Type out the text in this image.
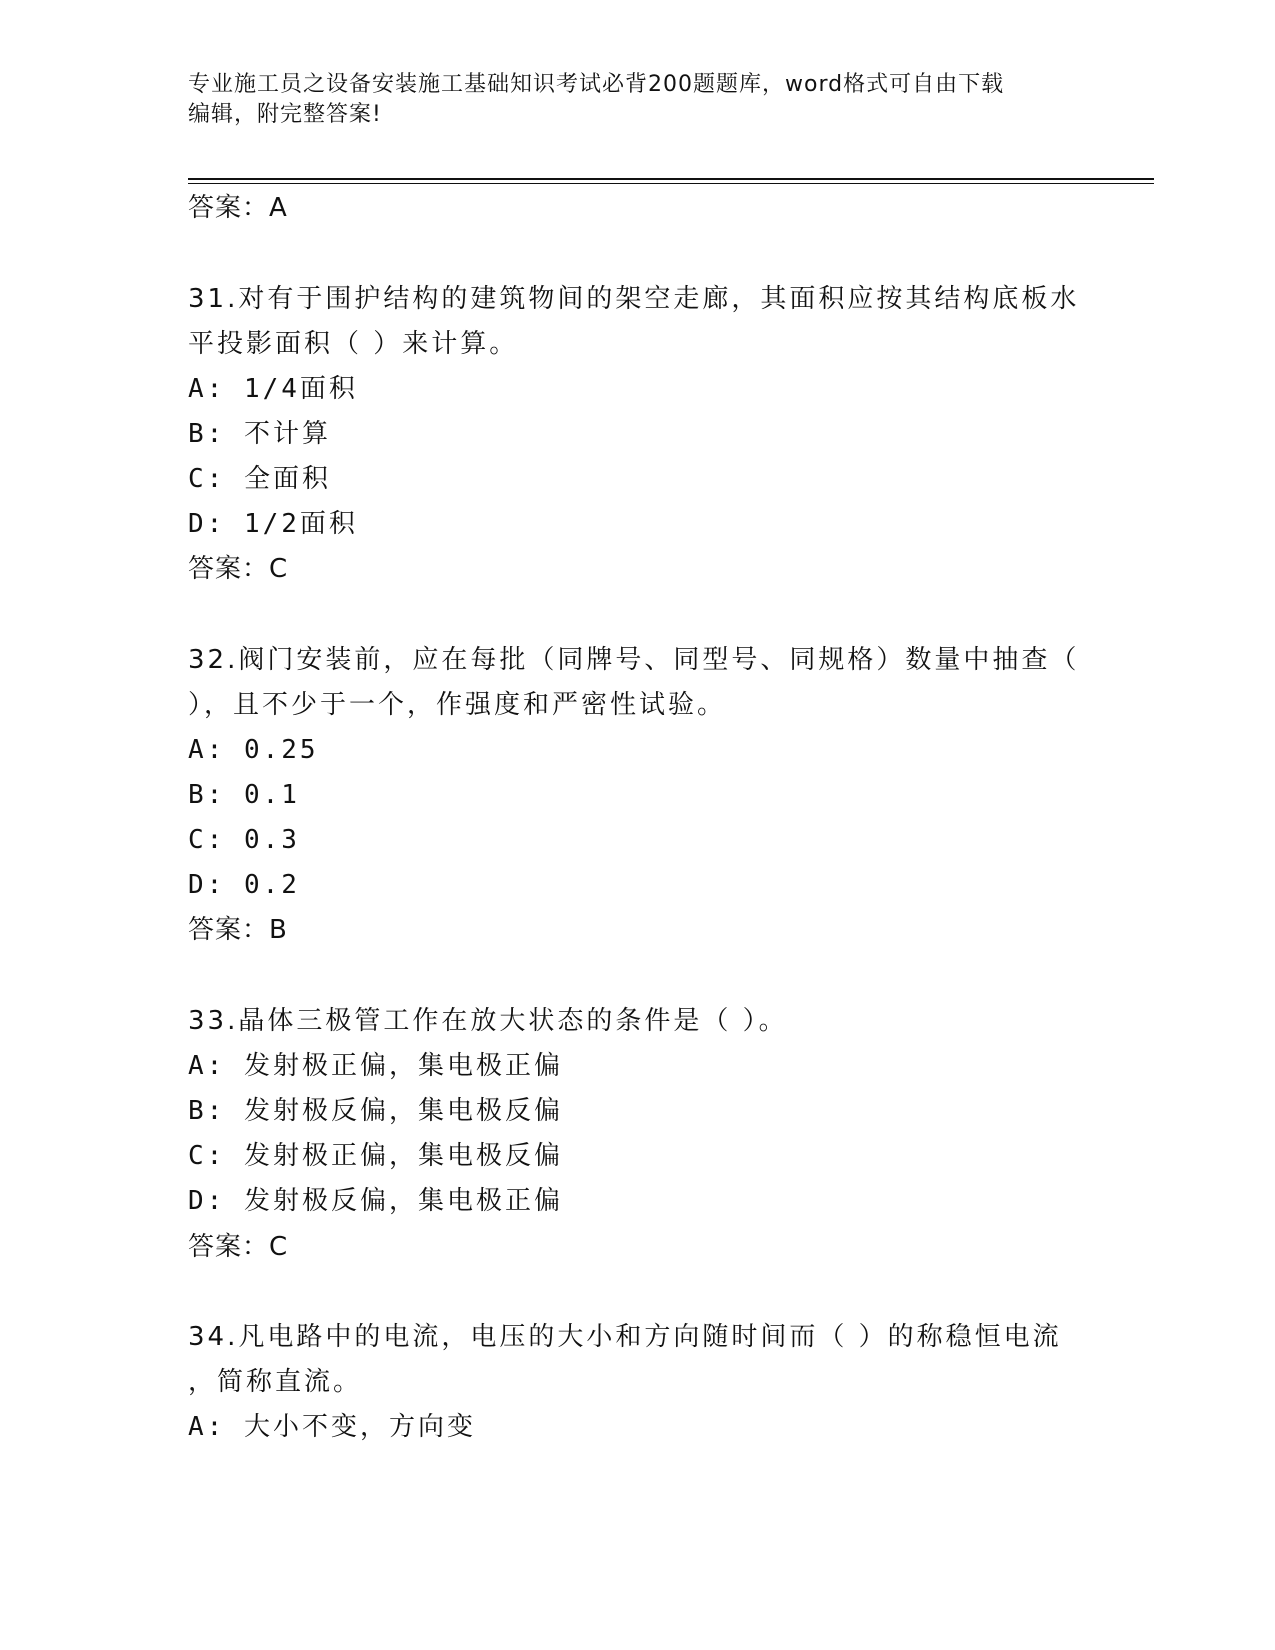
专业施工员之设备安装施工基础知识考试必背200题题库，word格式可自由下载
编辑，附完整答案!
答案：A
31.对有于围护结构的建筑物间的架空走廊，其面积应按其结构底板水
平投影面积（ ）来计算。
A: 1/4面积
B: 不计算
C: 全面积
D: 1/2面积
答案：C
32.阀门安装前，应在每批（同牌号、同型号、同规格）数量中抽查（
），且不少于一个，作强度和严密性试验。
A: 0.25
B: 0.1
C: 0.3
D: 0.2
答案：B
33.晶体三极管工作在放大状态的条件是（ ）。
A: 发射极正偏，集电极正偏
B: 发射极反偏，集电极反偏
C: 发射极正偏，集电极反偏
D: 发射极反偏，集电极正偏
答案：C
34.凡电路中的电流，电压的大小和方向随时间而（ ）的称稳恒电流
，简称直流。
A: 大小不变，方向变
